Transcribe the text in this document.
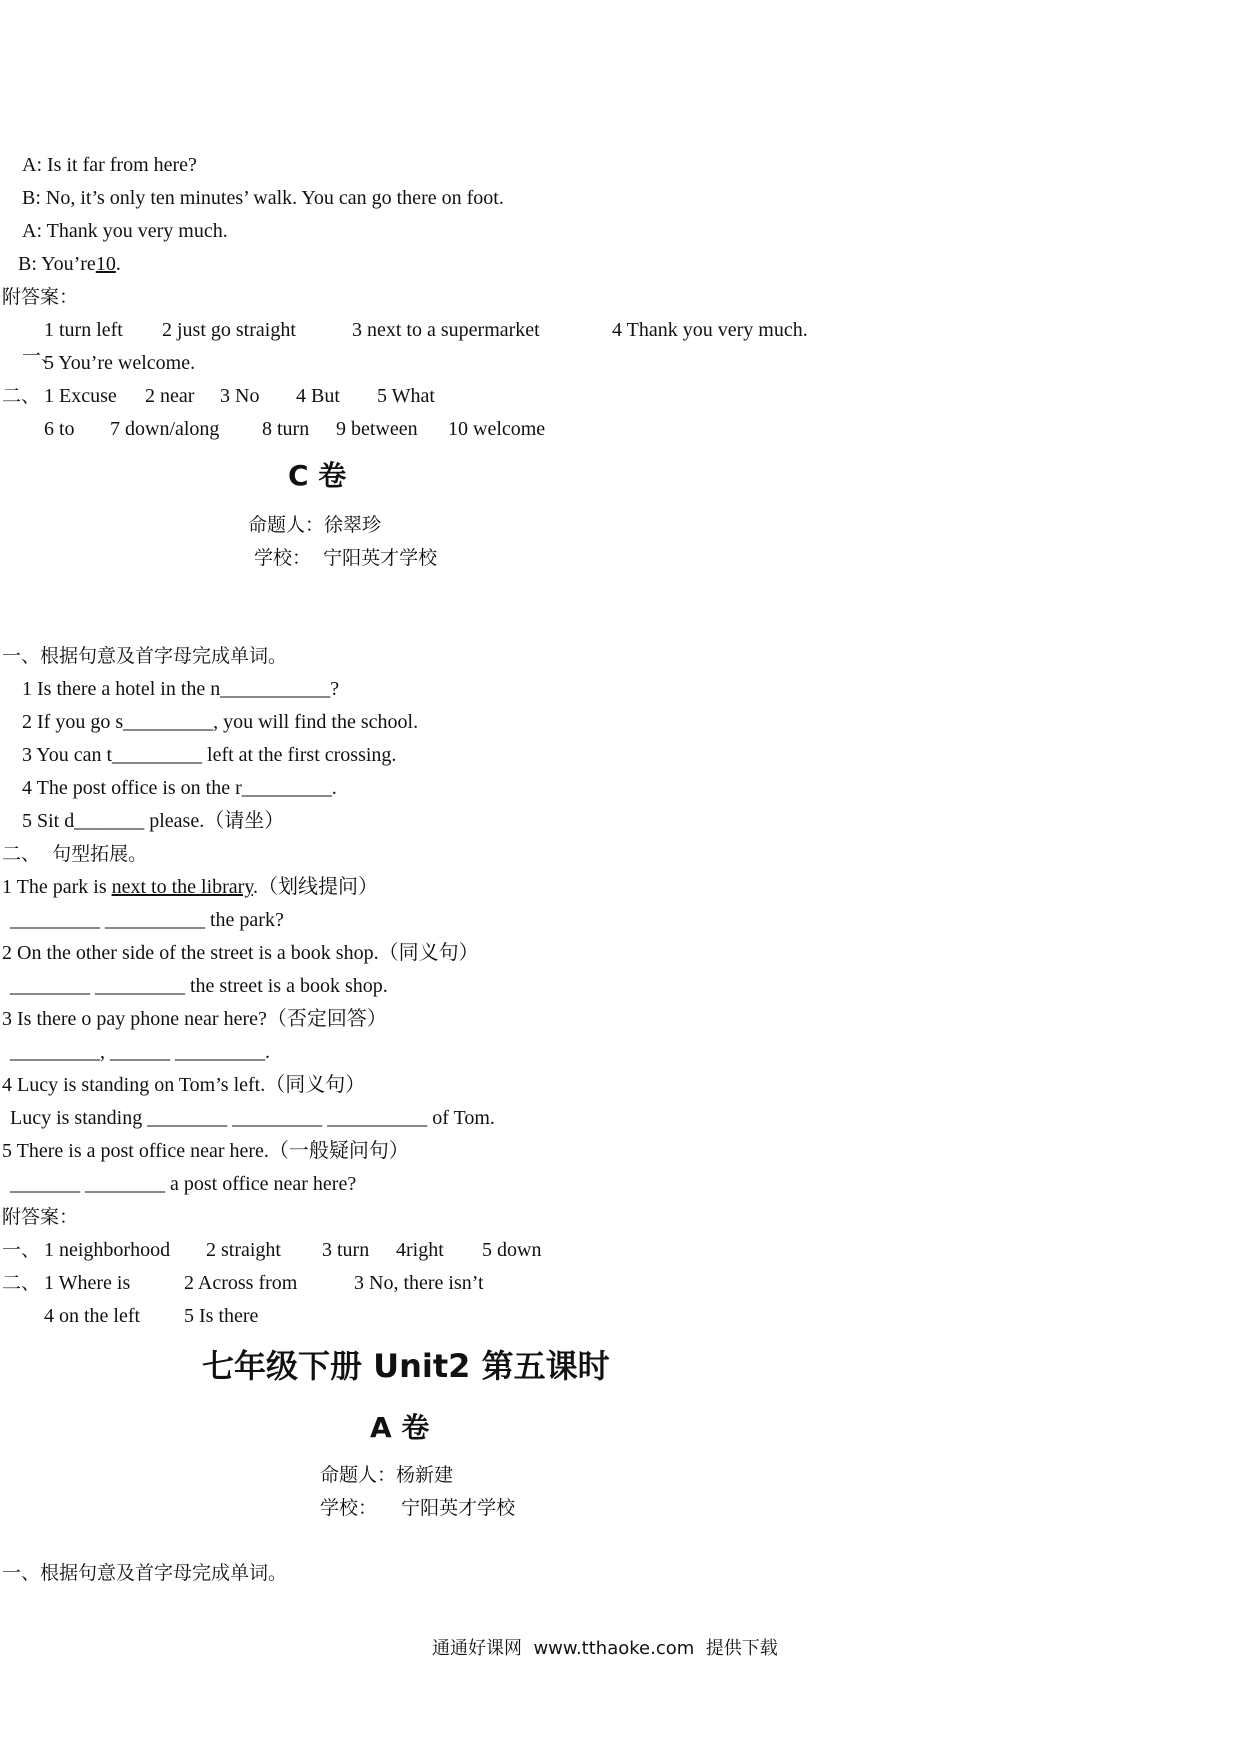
A: Is it far from here?
B: No, it’s only ten minutes’ walk. You can go there on foot.
A: Thank you very much.
B: You’re10.
附答案：

一、

1 turn left 2 just go straight	3 next to a supermarket	4 Thank you very much.
5 You’re welcome.
二、 1 Excuse 2 near 3 No 4 But 5 What
6 to 7 down/along 8 turn 9 between 10 welcome
C 卷
命题人：徐翠珍
学校：  宁阳英才学校
一、根据句意及首字母完成单词。
1 Is there a hotel in the n___________?
2 If you go s_________, you will find the school.
3 You can t_________ left at the first crossing.
4 The post office is on the r_________.
5 Sit d_______ please.（请坐）
二、  句型拓展。
1 The park is next to the library.（划线提问）
_________ __________ the park?
2 On the other side of the street is a book shop.（同义句）
________ _________ the street is a book shop.
3 Is there o pay phone near here?（否定回答）
_________, ______ _________.
4 Lucy is standing on Tom’s left.（同义句）
Lucy is standing ________ _________ __________ of Tom.
5 There is a post office near here.（一般疑问句）
_______ ________ a post office near here?
附答案：
一、 1 neighborhood 2 straight 3 turn 4right 5 down
二、 1 Where is	2 Across from	3 No, there isn’t
4 on the left 5 Is there
七年级下册 Unit2 第五课时
A 卷
命题人：杨新建
学校：    宁阳英才学校
一、根据句意及首字母完成单词。
通通好课网  www.tthaoke.com  提供下载
